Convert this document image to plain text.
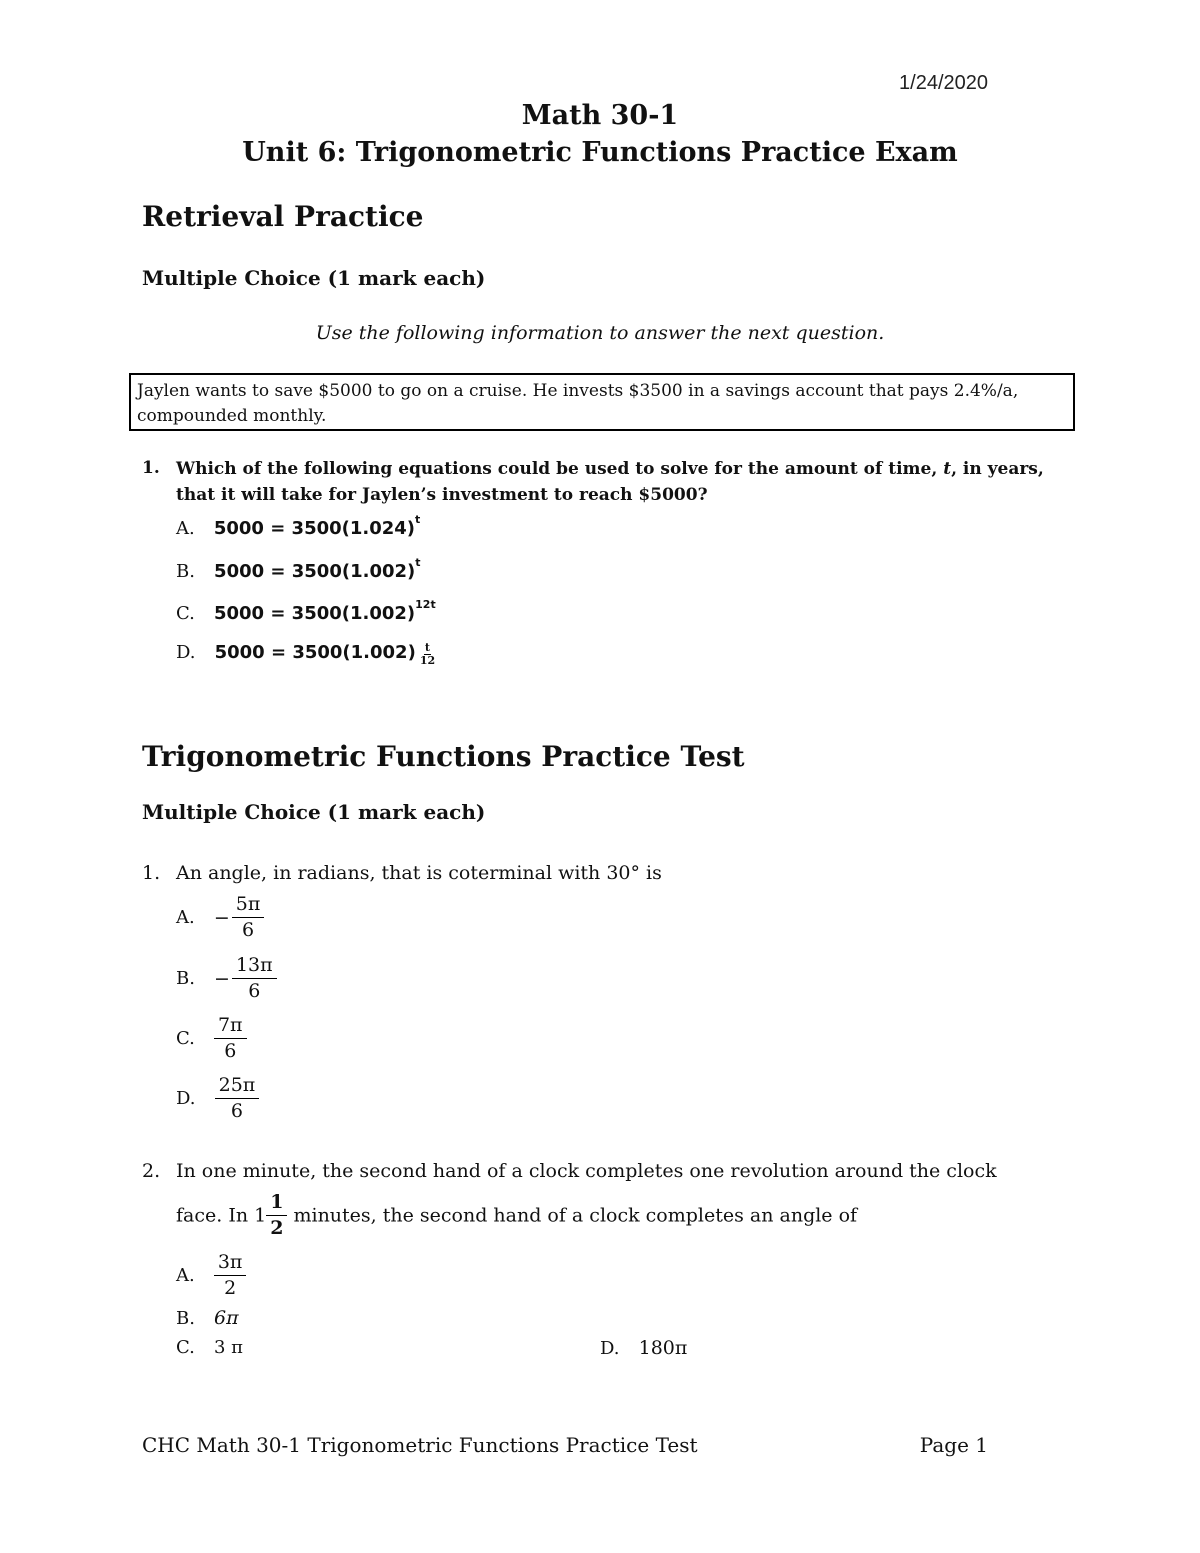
1/24/2020
Math 30-1
Unit 6: Trigonometric Functions Practice Exam
Retrieval Practice
Multiple Choice (1 mark each)
Use the following information to answer the next question.
Jaylen wants to save $5000 to go on a cruise. He invests $3500 in a savings account that pays 2.4%/a, compounded monthly.
1. Which of the following equations could be used to solve for the amount of time, t, in years, that it will take for Jaylen’s investment to reach $5000?
A. $5000 = 3500(1.024)^t$
B. $5000 = 3500(1.002)^t$
C. $5000 = 3500(1.002)^{12t}$
D. $5000 = 3500(1.002) \frac{t}{12}$
Trigonometric Functions Practice Test
Multiple Choice (1 mark each)
1. An angle, in radians, that is coterminal with 30° is
A. − $\frac{5\pi}{6}$
B. − $\frac{13\pi}{6}$
C. $\frac{7\pi}{6}$
D. $\frac{25\pi}{6}$
2. In one minute, the second hand of a clock completes one revolution around the clock
face. In $1 \frac{1}{2}$ minutes, the second hand of a clock completes an angle of
A. $\frac{3\pi}{2}$
B. 6π
C. 3 π	D. 180π
CHC Math 30-1 Trigonometric Functions Practice Test	Page 1
